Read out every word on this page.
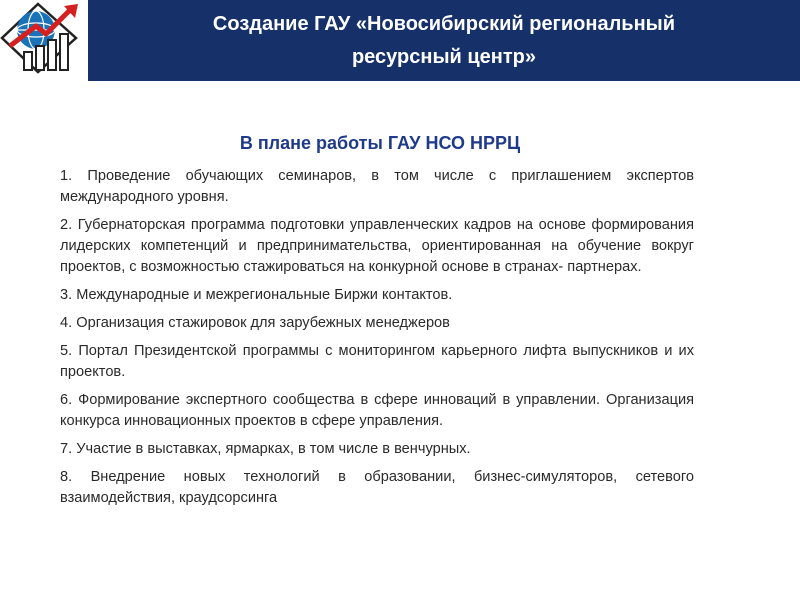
Создание ГАУ «Новосибирский региональный
ресурсный центр»
В плане работы ГАУ НСО НРРЦ
1. Проведение обучающих семинаров, в том числе с приглашением экспертов международного уровня.
2. Губернаторская программа подготовки управленческих кадров на основе формирования лидерских компетенций и предпринимательства, ориентированная на обучение вокруг проектов, с возможностью стажироваться на конкурной основе в странах- партнерах.
3. Международные и межрегиональные Биржи контактов.
4. Организация стажировок для зарубежных менеджеров
5. Портал Президентской программы с мониторингом карьерного лифта выпускников и их проектов.
6. Формирование экспертного сообщества в сфере инноваций в управлении. Организация конкурса инновационных проектов в сфере управления.
7. Участие в выставках, ярмарках, в том числе в венчурных.
8. Внедрение новых технологий в образовании, бизнес-симуляторов, сетевого взаимодействия, краудсорсинга
